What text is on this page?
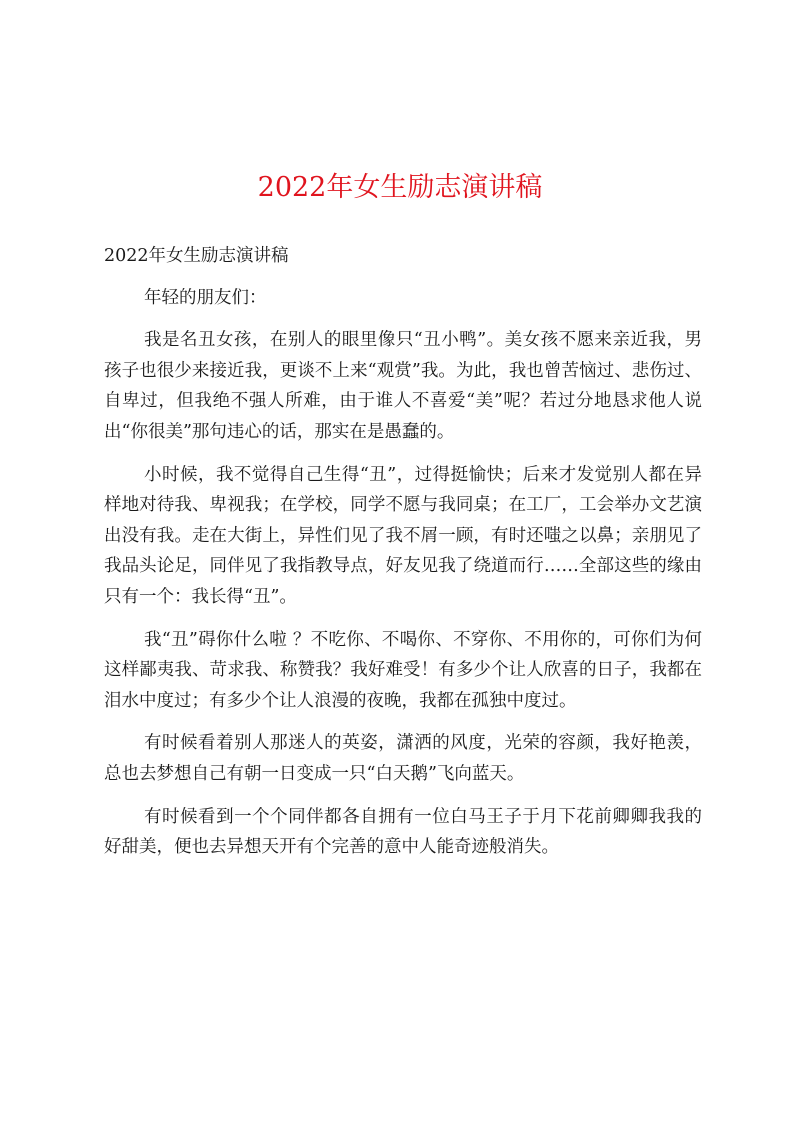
2022年女生励志演讲稿

2022年女生励志演讲稿

年轻的朋友们：

我是名丑女孩，在别人的眼里像只“丑小鸭”。美女孩不愿来亲近我，男孩子也很少来接近我，更谈不上来“观赏”我。为此，我也曾苦恼过、悲伤过、自卑过，但我绝不强人所难，由于谁人不喜爱“美”呢？若过分地恳求他人说出“你很美”那句违心的话，那实在是愚蠢的。

小时候，我不觉得自己生得“丑”，过得挺愉快；后来才发觉别人都在异样地对待我、卑视我；在学校，同学不愿与我同桌；在工厂，工会举办文艺演出没有我。走在大街上，异性们见了我不屑一顾，有时还嗤之以鼻；亲朋见了我品头论足，同伴见了我指教导点，好友见我了绕道而行……全部这些的缘由只有一个：我长得“丑”。

我“丑”碍你什么啦 ？不吃你、不喝你、不穿你、不用你的，可你们为何这样鄙夷我、苛求我、称赞我？我好难受！有多少个让人欣喜的日子，我都在泪水中度过；有多少个让人浪漫的夜晚，我都在孤独中度过。

有时候看着别人那迷人的英姿，潇洒的风度，光荣的容颜，我好艳羡，总也去梦想自己有朝一日变成一只“白天鹅”飞向蓝天。

有时候看到一个个同伴都各自拥有一位白马王子于月下花前卿卿我我的好甜美，便也去异想天开有个完善的意中人能奇迹般消失。
